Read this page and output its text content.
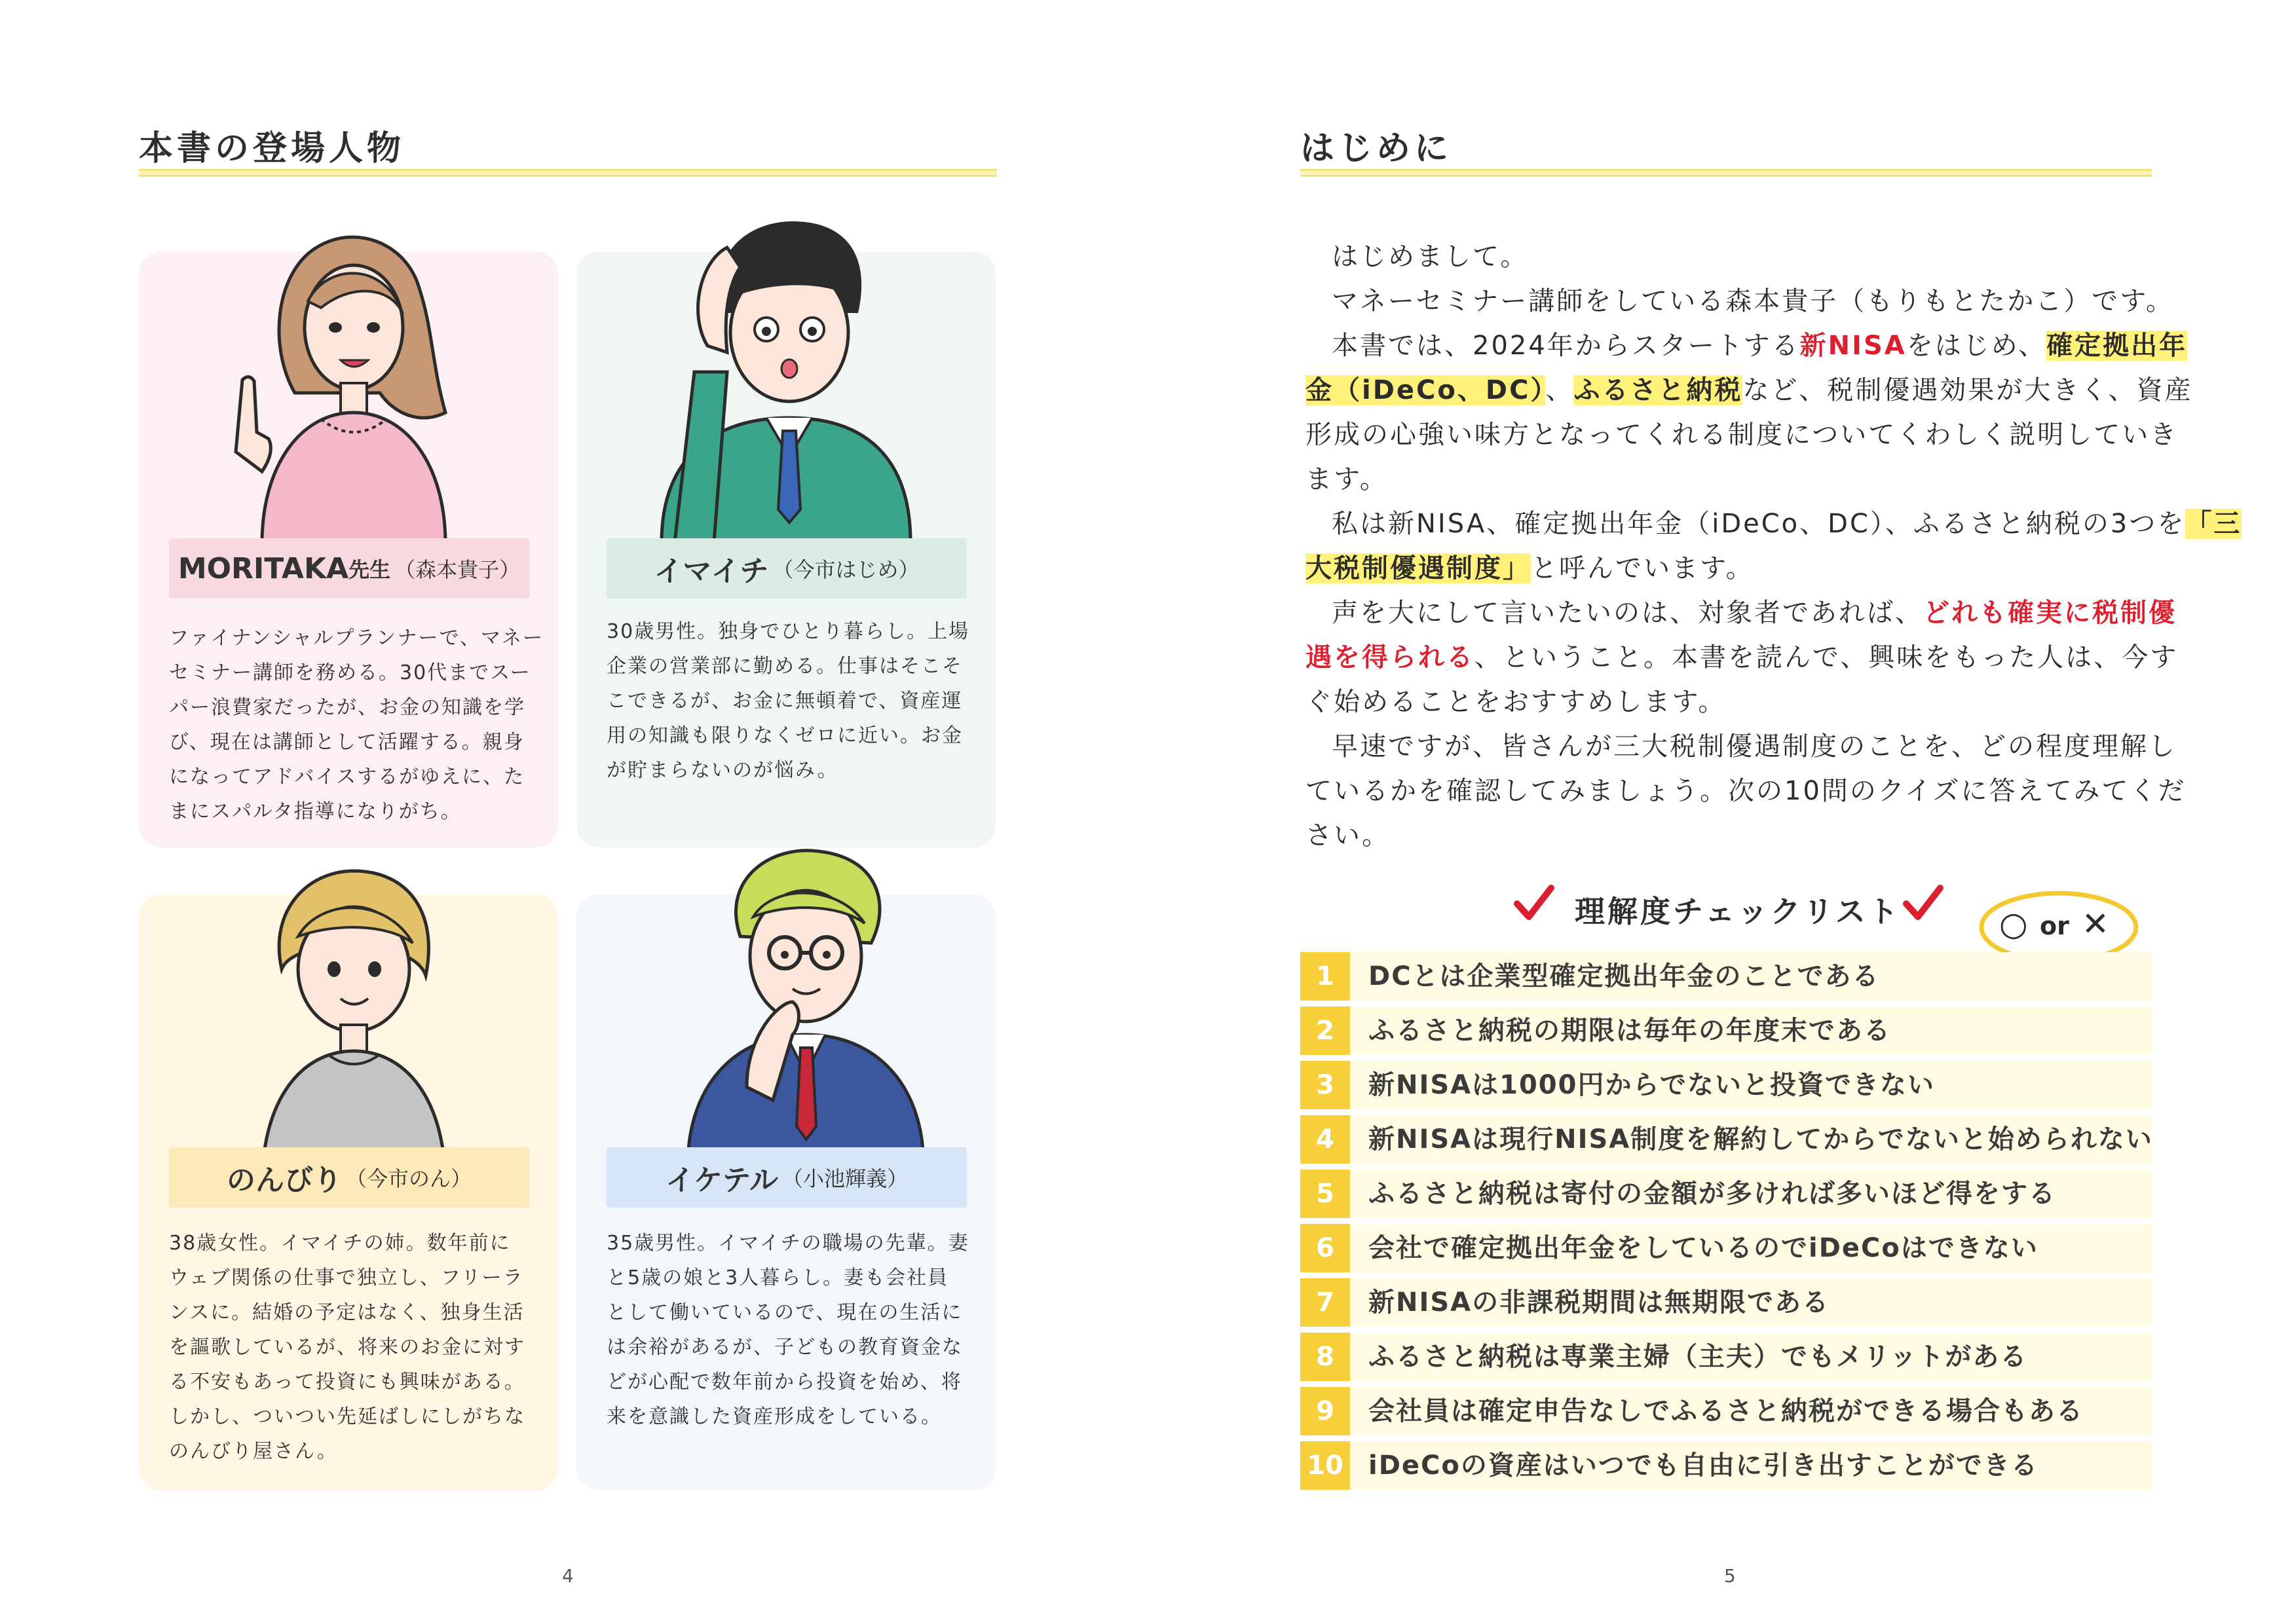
本書の登場人物
MORITAKA 先生 （森本貴子）
ファイナンシャルプランナーで、マネー
セミナー講師を務める。30代までスー
パー浪費家だったが、お金の知識を学
び、現在は講師として活躍する。親身
になってアドバイスするがゆえに、た
まにスパルタ指導になりがち。
イマイチ （今市はじめ）
30歳男性。独身でひとり暮らし。上場
企業の営業部に勤める。仕事はそこそ
こできるが、お金に無頓着で、資産運
用の知識も限りなくゼロに近い。お金
が貯まらないのが悩み。
のんびり （今市のん）
38歳女性。イマイチの姉。数年前に
ウェブ関係の仕事で独立し、フリーラ
ンスに。結婚の予定はなく、独身生活
を謳歌しているが、将来のお金に対す
る不安もあって投資にも興味がある。
しかし、ついつい先延ばしにしがちな
のんびり屋さん。
イケテル （小池輝義）
35歳男性。イマイチの職場の先輩。妻
と5歳の娘と3人暮らし。妻も会社員
として働いているので、現在の生活に
は余裕があるが、子どもの教育資金な
どが心配で数年前から投資を始め、将
来を意識した資産形成をしている。
4
はじめに
はじめまして。
マネーセミナー講師をしている森本貴子（もりもとたかこ）です。
本書では、2024年からスタートする新NISAをはじめ、確定拠出年
金（iDeCo、DC）、ふるさと納税など、税制優遇効果が大きく、資産
形成の心強い味方となってくれる制度についてくわしく説明していき
ます。
私は新NISA、確定拠出年金（iDeCo、DC）、ふるさと納税の3つを「三
大税制優遇制度」と呼んでいます。
声を大にして言いたいのは、対象者であれば、どれも確実に税制優
遇を得られる、ということ。本書を読んで、興味をもった人は、今す
ぐ始めることをおすすめします。
早速ですが、皆さんが三大税制優遇制度のことを、どの程度理解し
ているかを確認してみましょう。次の10問のクイズに答えてみてくだ
さい。
理解度チェックリスト	○ or ✕
1	DCとは企業型確定拠出年金のことである
2	ふるさと納税の期限は毎年の年度末である
3	新NISAは1000円からでないと投資できない
4	新NISAは現行NISA制度を解約してからでないと始められない
5	ふるさと納税は寄付の金額が多ければ多いほど得をする
6	会社で確定拠出年金をしているのでiDeCoはできない
7	新NISAの非課税期間は無期限である
8	ふるさと納税は専業主婦（主夫）でもメリットがある
9	会社員は確定申告なしでふるさと納税ができる場合もある
10 iDeCoの資産はいつでも自由に引き出すことができる
5
